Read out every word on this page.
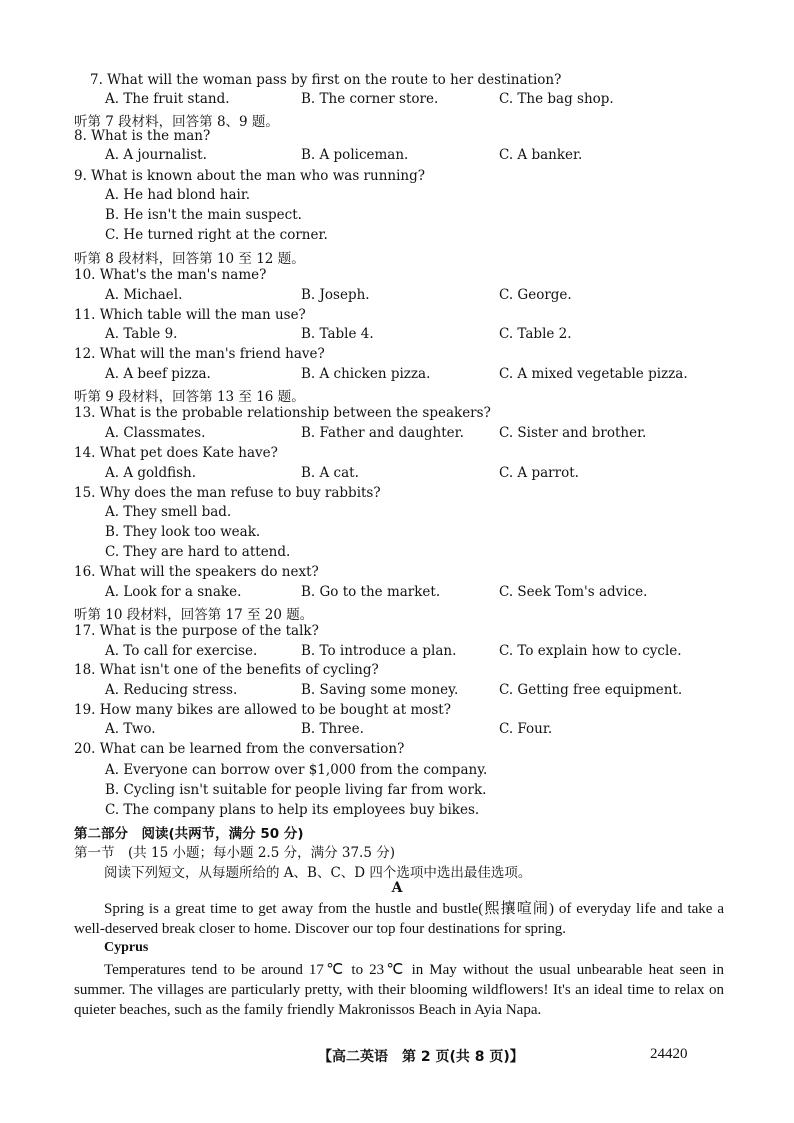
7. What will the woman pass by first on the route to her destination?
A. The fruit stand.	B. The corner store.	C. The bag shop.
听第 7 段材料，回答第 8、9 题。
8. What is the man?
A. A journalist.	B. A policeman.	C. A banker.
9. What is known about the man who was running?
A. He had blond hair.
B. He isn't the main suspect.
C. He turned right at the corner.
听第 8 段材料，回答第 10 至 12 题。
10. What's the man's name?
A. Michael.	B. Joseph.	C. George.
11. Which table will the man use?
A. Table 9.	B. Table 4.	C. Table 2.
12. What will the man's friend have?
A. A beef pizza.	B. A chicken pizza.	C. A mixed vegetable pizza.
听第 9 段材料，回答第 13 至 16 题。
13. What is the probable relationship between the speakers?
A. Classmates.	B. Father and daughter.	C. Sister and brother.
14. What pet does Kate have?
A. A goldfish.	B. A cat.	C. A parrot.
15. Why does the man refuse to buy rabbits?
A. They smell bad.
B. They look too weak.
C. They are hard to attend.
16. What will the speakers do next?
A. Look for a snake.	B. Go to the market.	C. Seek Tom's advice.
听第 10 段材料，回答第 17 至 20 题。
17. What is the purpose of the talk?
A. To call for exercise.	B. To introduce a plan.	C. To explain how to cycle.
18. What isn't one of the benefits of cycling?
A. Reducing stress.	B. Saving some money.	C. Getting free equipment.
19. How many bikes are allowed to be bought at most?
A. Two.	B. Three.	C. Four.
20. What can be learned from the conversation?
A. Everyone can borrow over $1,000 from the company.
B. Cycling isn't suitable for people living far from work.
C. The company plans to help its employees buy bikes.
第二部分　阅读(共两节，满分 50 分)
第一节　(共 15 小题；每小题 2.5 分，满分 37.5 分)
阅读下列短文，从每题所给的 A、B、C、D 四个选项中选出最佳选项。
A
Spring is a great time to get away from the hustle and bustle(熙攘喧闹) of everyday life and take a well-deserved break closer to home. Discover our top four destinations for spring.
Cyprus
Temperatures tend to be around 17℃ to 23℃ in May without the usual unbearable heat seen in summer. The villages are particularly pretty, with their blooming wildflowers! It's an ideal time to relax on quieter beaches, such as the family friendly Makronissos Beach in Ayia Napa.
【高二英语　第 2 页(共 8 页)】	24420
